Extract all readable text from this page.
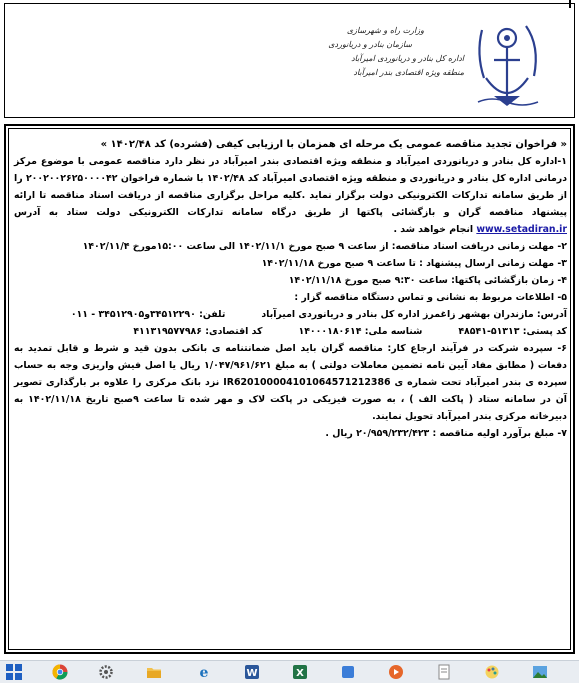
وزارت راه و شهرسازی
سازمان بنادر و دریانوردی
اداره کل بنادر و دریانوردی امیرآباد
منطقه ویژه اقتصادی بندر امیرآباد

« فراخوان تجدید مناقصه عمومی یک مرحله ای همزمان با ارزیابی کیفی (فشرده) کد ۱۴۰۲/۴۸ »

۱-اداره کل بنادر و دریانوردی امیرآباد و منطقه ویژه اقتصادی بندر امیرآباد در نظر دارد مناقصه عمومی با موضوع مرکز درمانی اداره کل بنادر و دریانوردی و منطقه ویژه اقتصادی امیرآباد کد ۱۴۰۲/۴۸ با شماره فراخوان ۲۰۰۲۰۰۲۶۲۵۰۰۰۰۴۲ را از طریق سامانه تدارکات الکترونیکی دولت برگزار نماید .کلیه مراحل برگزاری مناقصه از دریافت اسناد مناقصه تا ارائه پیشنهاد مناقصه گران و بازگشائی پاکتها از طریق درگاه سامانه تدارکات الکترونیکی دولت ستاد به آدرس www.setadiran.ir انجام خواهد شد .

۲- مهلت زمانی دریافت اسناد مناقصه: از ساعت ۹ صبح مورخ ۱۴۰۲/۱۱/۱ الی ساعت ۱۵:۰۰مورخ ۱۴۰۲/۱۱/۴

۳- مهلت زمانی ارسال پیشنهاد : تا ساعت ۹ صبح مورخ ۱۴۰۲/۱۱/۱۸

۴- زمان بازگشائی پاکتها: ساعت ۹:۳۰ صبح مورخ ۱۴۰۲/۱۱/۱۸

۵- اطلاعات مربوط به نشانی و تماس دستگاه مناقصه گزار :

آدرس: مازندران بهشهر زاغمرز اداره کل بنادر و دریانوردی امیرآباد
تلفن: ۳۴۵۱۲۲۹۰و۳۴۵۱۲۹۰۵ - ۰۱۱

کد پستی: ۵۱۳۱۳-۴۸۵۴۱
شناسه ملی: ۱۴۰۰۰۱۸۰۶۱۴
کد اقتصادی: ۴۱۱۳۱۹۵۷۷۹۸۶

۶- سپرده شرکت در فرآیند ارجاع کار: مناقصه گران باید اصل ضمانتنامه ی بانکی بدون قید و شرط و قابل تمدید به دفعات ( مطابق مفاد آیین نامه تضمین معاملات دولتی ) به مبلغ ۱/۰۴۷/۹۶۱/۶۲۱ ریال یا اصل فیش واریزی وجه به حساب سپرده ی بندر امیرآباد تحت شماره ی IR620100004101064571212386 نزد بانک مرکزی را علاوه بر بارگذاری تصویر آن در سامانه ستاد ( پاکت الف ) ، به صورت فیزیکی در پاکت لاک و مهر شده تا ساعت ۹صبح تاریخ ۱۴۰۲/۱۱/۱۸ به دبیرخانه مرکزی بندر امیرآباد تحویل نمایند.

۷- مبلغ برآورد اولیه مناقصه : ۲۰/۹۵۹/۲۳۲/۴۲۳ ریال .

e	W	X
